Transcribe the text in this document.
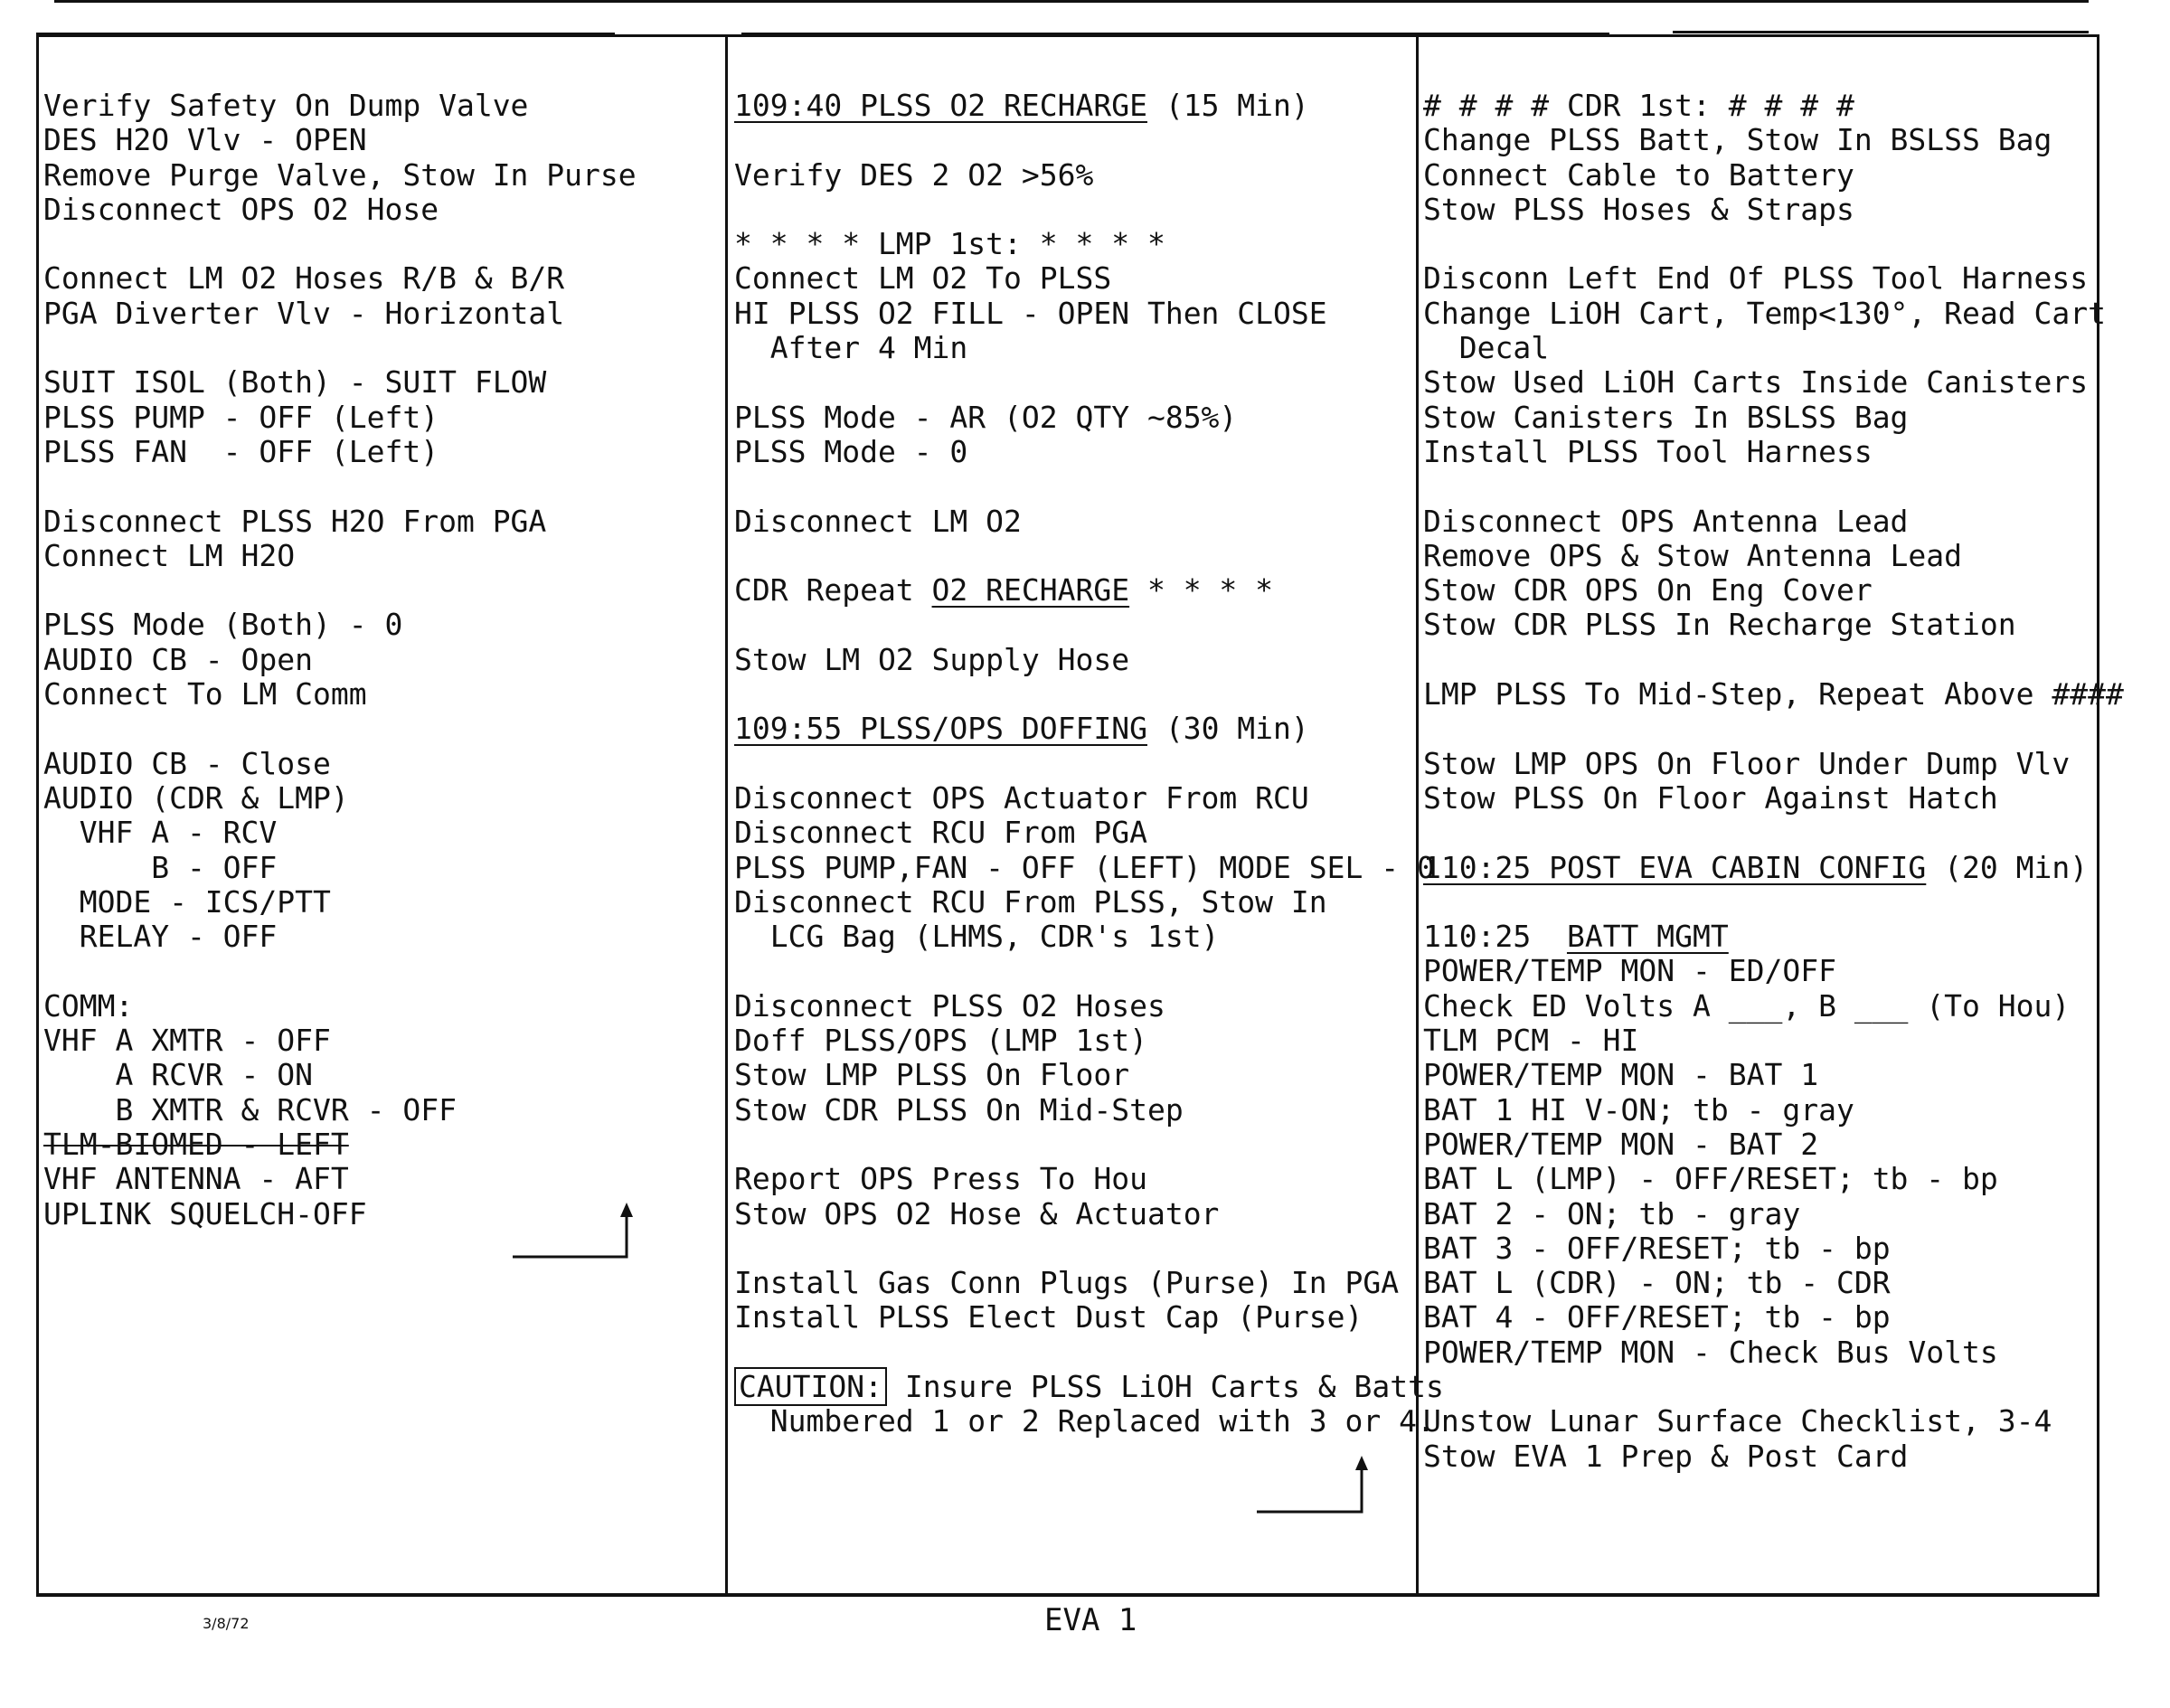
Verify Safety On Dump Valve
DES H2O Vlv - OPEN
Remove Purge Valve, Stow In Purse
Disconnect OPS O2 Hose
Connect LM O2 Hoses R/B & B/R
PGA Diverter Vlv - Horizontal
SUIT ISOL (Both) - SUIT FLOW
PLSS PUMP - OFF (Left)
PLSS FAN  - OFF (Left)
Disconnect PLSS H2O From PGA
Connect LM H2O
PLSS Mode (Both) - 0
AUDIO CB - Open
Connect To LM Comm
AUDIO CB - Close
AUDIO (CDR & LMP)
VHF A - RCV
B - OFF
MODE - ICS/PTT
RELAY - OFF
COMM:
VHF A XMTR - OFF
A RCVR - ON
B XMTR & RCVR - OFF
TLM-BIOMED - LEFT
VHF ANTENNA - AFT
UPLINK SQUELCH-OFF
109:40 PLSS O2 RECHARGE (15 Min)
Verify DES 2 O2 >56%
* * * * LMP 1st: * * * *
Connect LM O2 To PLSS
HI PLSS O2 FILL - OPEN Then CLOSE
After 4 Min
PLSS Mode - AR (O2 QTY ~85%)
PLSS Mode - 0
Disconnect LM O2
CDR Repeat O2 RECHARGE * * * *
Stow LM O2 Supply Hose
109:55 PLSS/OPS DOFFING (30 Min)
Disconnect OPS Actuator From RCU
Disconnect RCU From PGA
PLSS PUMP,FAN - OFF (LEFT) MODE SEL - 0
Disconnect RCU From PLSS, Stow In
LCG Bag (LHMS, CDR's 1st)
Disconnect PLSS O2 Hoses
Doff PLSS/OPS (LMP 1st)
Stow LMP PLSS On Floor
Stow CDR PLSS On Mid-Step
Report OPS Press To Hou
Stow OPS O2 Hose & Actuator
Install Gas Conn Plugs (Purse) In PGA
Install PLSS Elect Dust Cap (Purse)
CAUTION: Insure PLSS LiOH Carts & Batts
Numbered 1 or 2 Replaced with 3 or 4.
# # # # CDR 1st: # # # #
Change PLSS Batt, Stow In BSLSS Bag
Connect Cable to Battery
Stow PLSS Hoses & Straps
Disconn Left End Of PLSS Tool Harness
Change LiOH Cart, Temp<130°, Read Cart
Decal
Stow Used LiOH Carts Inside Canisters
Stow Canisters In BSLSS Bag
Install PLSS Tool Harness
Disconnect OPS Antenna Lead
Remove OPS & Stow Antenna Lead
Stow CDR OPS On Eng Cover
Stow CDR PLSS In Recharge Station
LMP PLSS To Mid-Step, Repeat Above ####
Stow LMP OPS On Floor Under Dump Vlv
Stow PLSS On Floor Against Hatch
110:25 POST EVA CABIN CONFIG (20 Min)
110:25  BATT MGMT
POWER/TEMP MON - ED/OFF
Check ED Volts A ___, B ___ (To Hou)
TLM PCM - HI
POWER/TEMP MON - BAT 1
BAT 1 HI V-ON; tb - gray
POWER/TEMP MON - BAT 2
BAT L (LMP) - OFF/RESET; tb - bp
BAT 2 - ON; tb - gray
BAT 3 - OFF/RESET; tb - bp
BAT L (CDR) - ON; tb - CDR
BAT 4 - OFF/RESET; tb - bp
POWER/TEMP MON - Check Bus Volts
Unstow Lunar Surface Checklist, 3-4
Stow EVA 1 Prep & Post Card
3/8/72	EVA 1
